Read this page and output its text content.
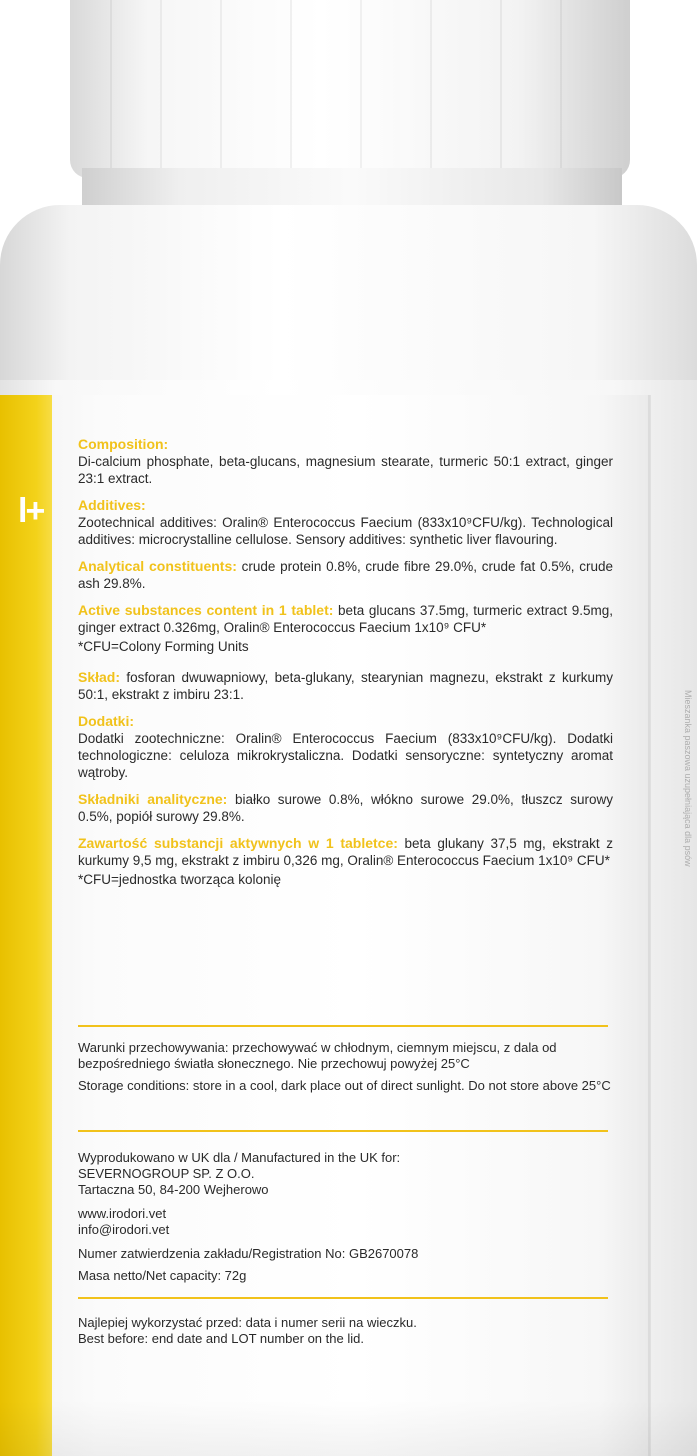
l+
Mieszanka paszowa uzupełniająca dla psów

Composition:
Di-calcium phosphate, beta-glucans, magnesium stearate, turmeric 50:1 extract, ginger 23:1 extract.

Additives:
Zootechnical additives: Oralin® Enterococcus Faecium (833x10⁹CFU/kg). Technological additives: microcrystalline cellulose. Sensory additives: synthetic liver flavouring.

Analytical constituents: crude protein 0.8%, crude fibre 29.0%, crude fat 0.5%, crude ash 29.8%.

Active substances content in 1 tablet: beta glucans 37.5mg, turmeric extract 9.5mg, ginger extract 0.326mg, Oralin® Enterococcus Faecium 1x10⁹ CFU*

*CFU=Colony Forming Units

Skład: fosforan dwuwapniowy, beta-glukany, stearynian magnezu, ekstrakt z kurkumy 50:1, ekstrakt z imbiru 23:1.

Dodatki:
Dodatki zootechniczne: Oralin® Enterococcus Faecium (833x10⁹CFU/kg). Dodatki technologiczne: celuloza mikrokrystaliczna. Dodatki sensoryczne: syntetyczny aromat wątroby.

Składniki analityczne: białko surowe 0.8%, włókno surowe 29.0%, tłuszcz surowy 0.5%, popiół surowy 29.8%.

Zawartość substancji aktywnych w 1 tabletce: beta glukany 37,5 mg, ekstrakt z kurkumy 9,5 mg, ekstrakt z imbiru 0,326 mg, Oralin® Enterococcus Faecium 1x10⁹ CFU*

*CFU=jednostka tworząca kolonię

Warunki przechowywania: przechowywać w chłodnym, ciemnym miejscu, z dala od bezpośredniego światła słonecznego. Nie przechowuj powyżej 25°C

Storage conditions: store in a cool, dark place out of direct sunlight. Do not store above 25°C

Wyprodukowano w UK dla / Manufactured in the UK for:

SEVERNOGROUP SP. Z O.O.

Tartaczna 50, 84-200 Wejherowo

www.irodori.vet

info@irodori.vet

Numer zatwierdzenia zakładu/Registration No: GB2670078

Masa netto/Net capacity: 72g

Najlepiej wykorzystać przed: data i numer serii na wieczku.

Best before: end date and LOT number on the lid.
